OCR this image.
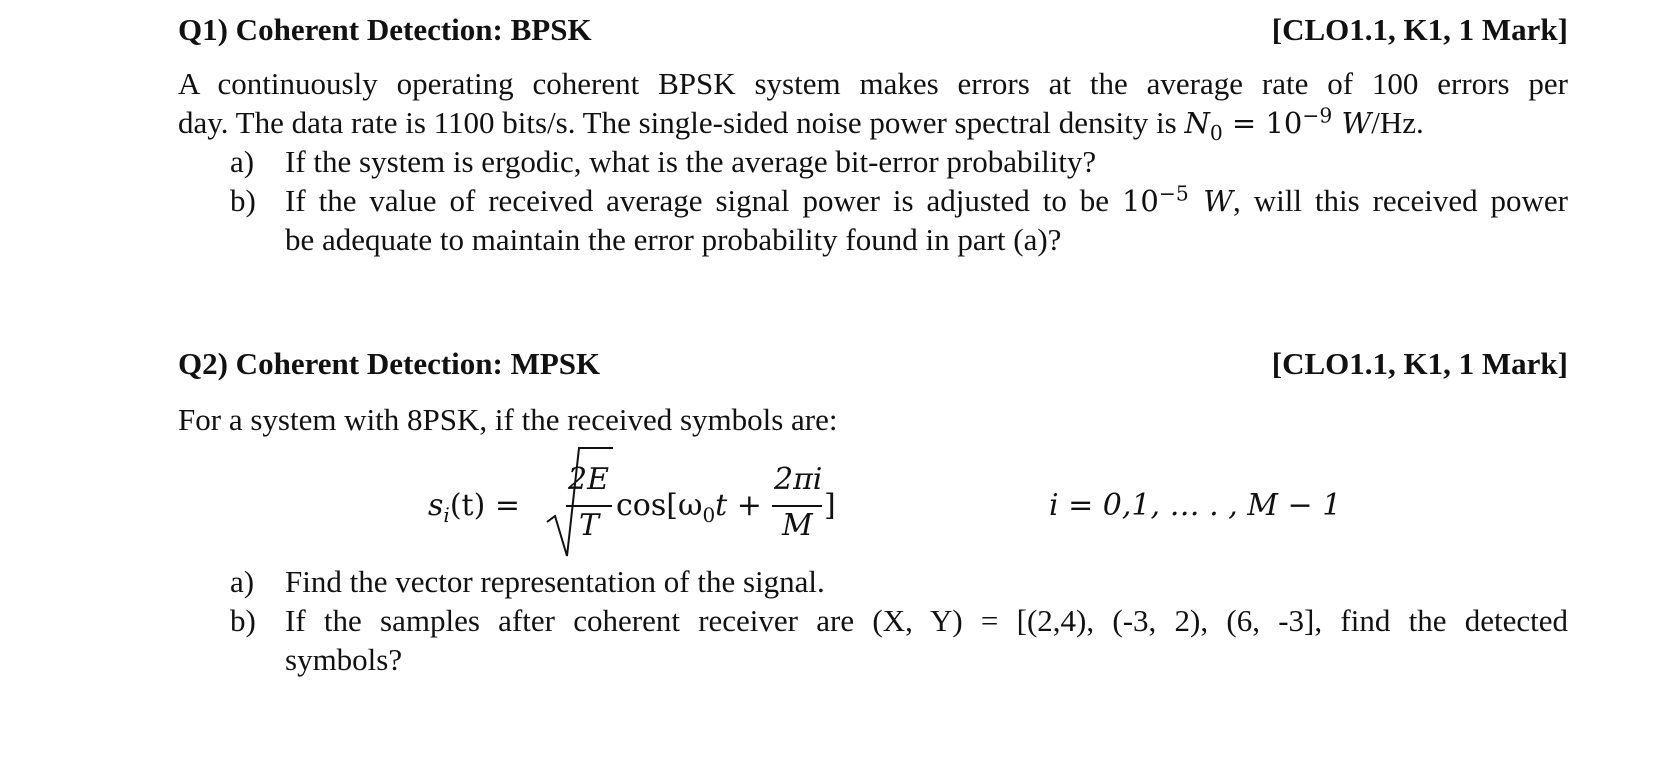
Q1) Coherent Detection: BPSK	[CLO1.1, K1, 1 Mark]
A continuously operating coherent BPSK system makes errors at the average rate of 100 errors per
day. The data rate is 1100 bits/s. The single-sided noise power spectral density is $N_0 = 10^{-9}$ W/Hz.
a) If the system is ergodic, what is the average bit-error probability?
b) If the value of received average signal power is adjusted to be $10^{-5}$ W, will this received power
be adequate to maintain the error probability found in part (a)?
Q2) Coherent Detection: MPSK	[CLO1.1, K1, 1 Mark]
For a system with 8PSK, if the received symbols are:
$s_i(t)$ =
2E
T
$\cos[\omega_0t$ +
2πi
M
]	i = 0,1, … . , M − 1
a) Find the vector representation of the signal.
b) If the samples after coherent receiver are (X, Y) = [(2,4), (-3, 2), (6, -3], find the detected
symbols?
